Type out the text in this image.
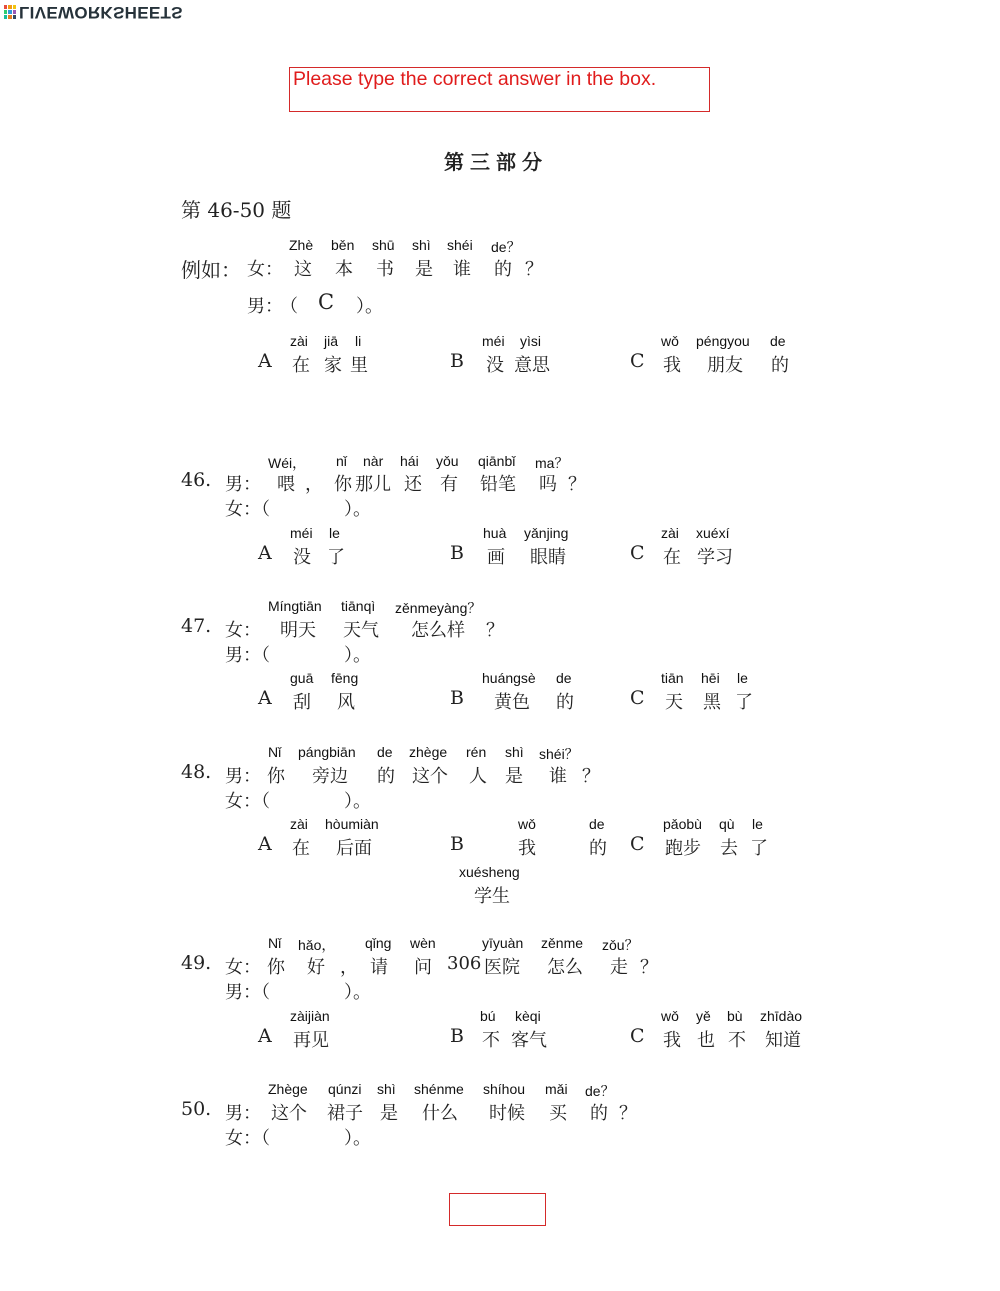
LIVEWORKSHEETS
Please type the correct answer in the box.
第三部分
第 46-50 题
Zhè běn shū shì shéi de？
例如： 女： 这 本 书 是 谁 的 ？
男：
（ C ）。
zài jiā li
A 在 家 里
méi yìsi
B 没 意思
wǒ péngyou de
C 我 朋友 的
Wéi， nǐ nàr hái yǒu qiānbǐ ma？
46. 男： 喂 ， 你 那儿 还 有 铅笔 吗 ？
女：（	）。
méi le
A 没 了
huà yǎnjing
B 画 眼睛
zài xuéxí
C 在 学习
Míngtiān tiānqì zěnmeyàng？
47. 女： 明天 天气 怎么样 ？
男：（	）。
guā fēng
A 刮 风
huángsè de
B 黄色 的
tiān hēi le
C 天 黑 了
Nǐ pángbiān de zhège rén shì shéi？
48. 男： 你 旁边 的 这个 人 是 谁 ？
女：（	）。
zài hòumiàn
A 在 后面
wǒ	de
B	我	的
xuésheng
学生
pǎobù qù le
C 跑步 去 了
Nǐ hǎo， qǐng wèn	yīyuàn zěnme zǒu？
49. 女： 你 好 ， 请 问 306 医院 怎么 走 ？
男：（	）。
zàijiàn
A 再见
bú kèqi
B 不 客气
wǒ yě bù zhīdào
C 我 也 不 知道
Zhège qúnzi shì shénme shíhou mǎi de？
50. 男： 这个 裙子 是 什么 时候 买 的 ？
女：（	）。
